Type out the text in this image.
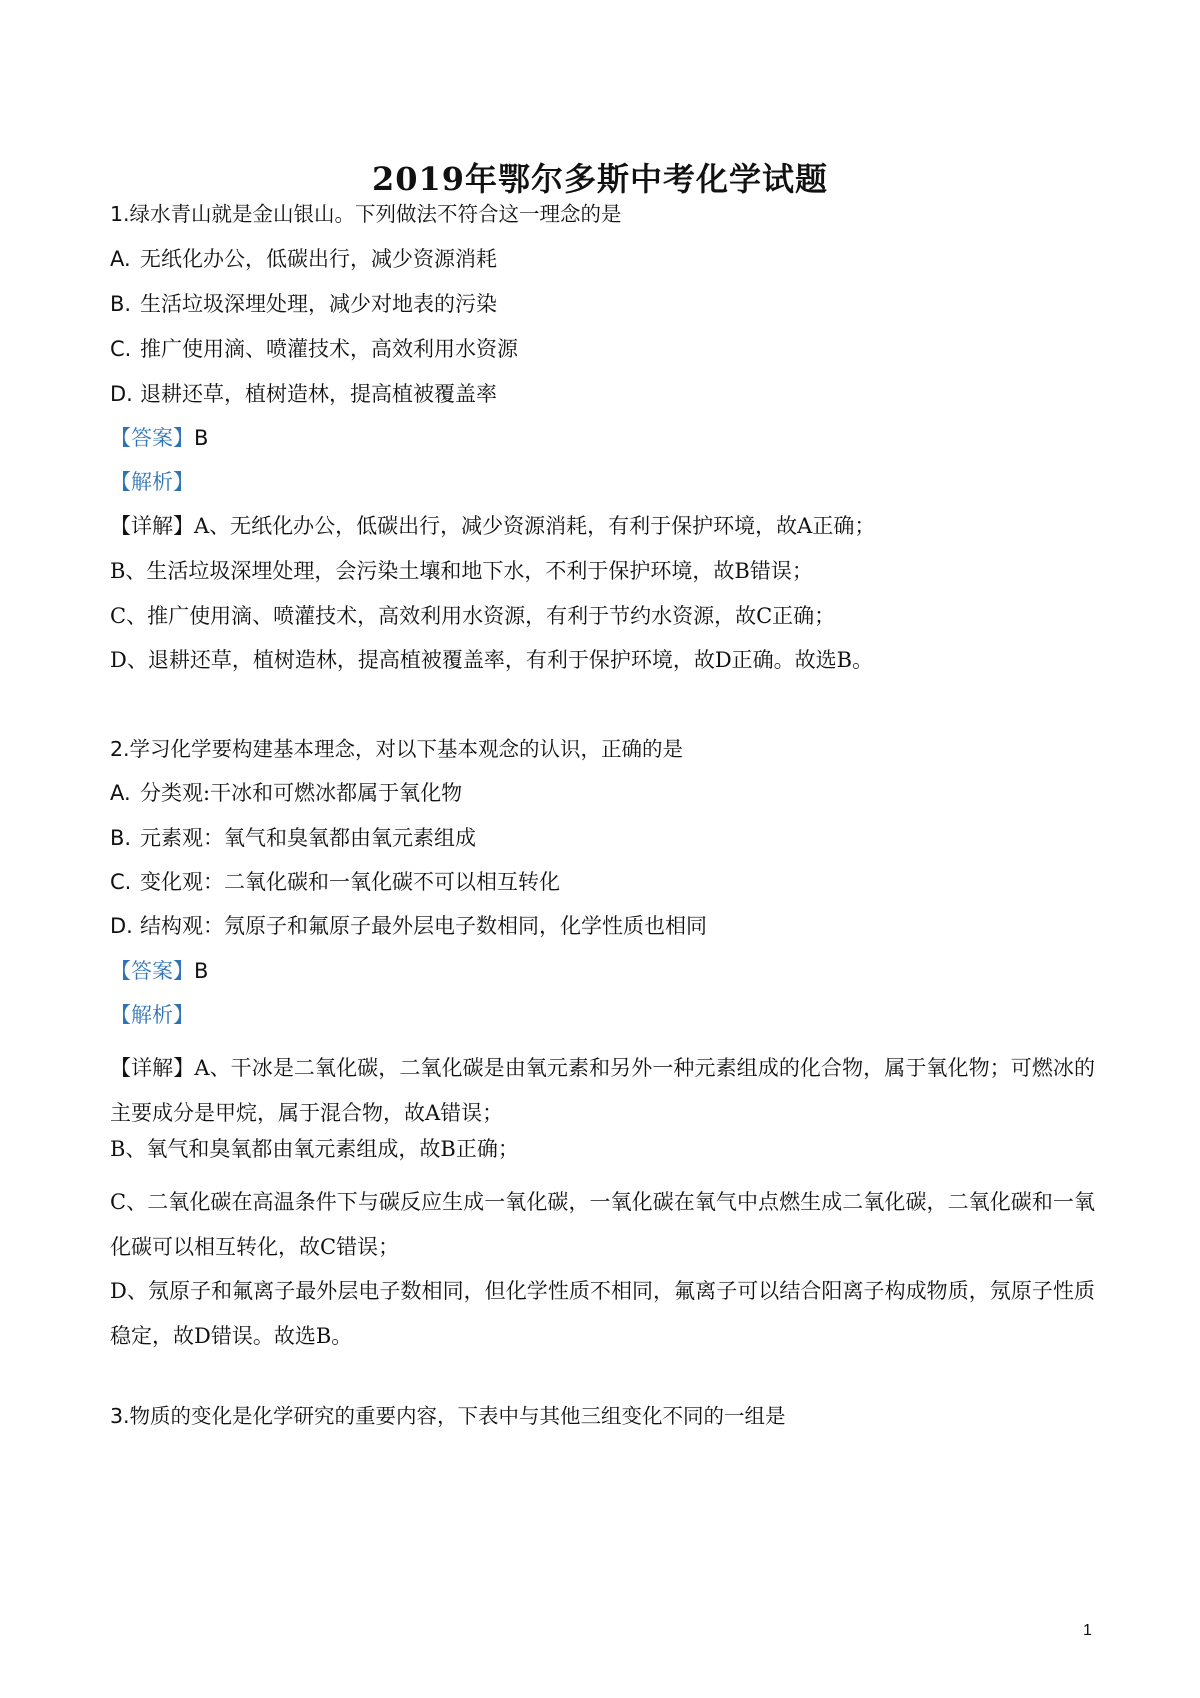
2019年鄂尔多斯中考化学试题
1.绿水青山就是金山银山。下列做法不符合这一理念的是
A. 无纸化办公，低碳出行，减少资源消耗
B. 生活垃圾深埋处理，减少对地表的污染
C. 推广使用滴、喷灌技术，高效利用水资源
D. 退耕还草，植树造林，提高植被覆盖率
【答案】B
【解析】
【详解】A、无纸化办公，低碳出行，减少资源消耗，有利于保护环境，故A正确；
B、生活垃圾深埋处理，会污染土壤和地下水，不利于保护环境，故B错误；
C、推广使用滴、喷灌技术，高效利用水资源，有利于节约水资源，故C正确；
D、退耕还草，植树造林，提高植被覆盖率，有利于保护环境，故D正确。故选B。
2.学习化学要构建基本理念，对以下基本观念的认识，正确的是
A. 分类观:干冰和可燃冰都属于氧化物
B. 元素观：氧气和臭氧都由氧元素组成
C. 变化观：二氧化碳和一氧化碳不可以相互转化
D. 结构观：氖原子和氟原子最外层电子数相同，化学性质也相同
【答案】B
【解析】
【详解】A、干冰是二氧化碳，二氧化碳是由氧元素和另外一种元素组成的化合物，属于氧化物；可燃冰的主要成分是甲烷，属于混合物，故A错误；
B、氧气和臭氧都由氧元素组成，故B正确；
C、二氧化碳在高温条件下与碳反应生成一氧化碳，一氧化碳在氧气中点燃生成二氧化碳，二氧化碳和一氧化碳可以相互转化，故C错误；
D、氖原子和氟离子最外层电子数相同，但化学性质不相同，氟离子可以结合阳离子构成物质，氖原子性质稳定，故D错误。故选B。
3.物质的变化是化学研究的重要内容，下表中与其他三组变化不同的一组是
1
